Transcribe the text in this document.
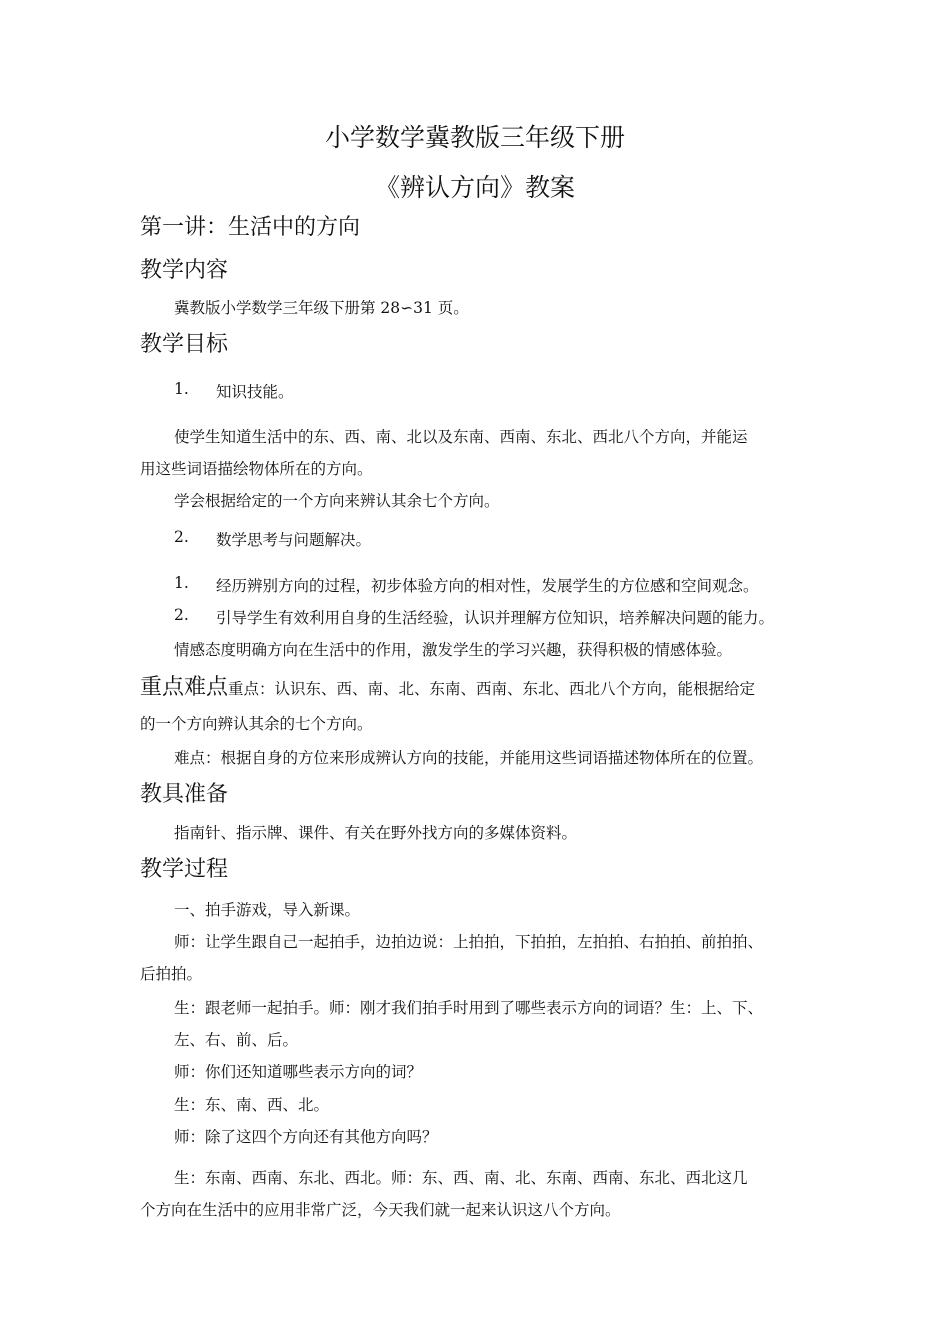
小学数学冀教版三年级下册
《辨认方向》教案
第一讲：生活中的方向
教学内容
冀教版小学数学三年级下册第 28∽31 页。
教学目标
1. 知识技能。
使学生知道生活中的东、西、南、北以及东南、西南、东北、西北八个方向，并能运
用这些词语描绘物体所在的方向。
学会根据给定的一个方向来辨认其余七个方向。
2. 数学思考与问题解决。
1. 经历辨别方向的过程，初步体验方向的相对性，发展学生的方位感和空间观念。
2. 引导学生有效利用自身的生活经验，认识并理解方位知识，培养解决问题的能力。
情感态度明确方向在生活中的作用，激发学生的学习兴趣，获得积极的情感体验。
重点难点重点：认识东、西、南、北、东南、西南、东北、西北八个方向，能根据给定
的一个方向辨认其余的七个方向。
难点：根据自身的方位来形成辨认方向的技能，并能用这些词语描述物体所在的位置。
教具准备
指南针、指示牌、课件、有关在野外找方向的多媒体资料。
教学过程
一、拍手游戏，导入新课。
师：让学生跟自己一起拍手，边拍边说：上拍拍，下拍拍，左拍拍、右拍拍、前拍拍、
后拍拍。
生：跟老师一起拍手。师：刚才我们拍手时用到了哪些表示方向的词语？生：上、下、
左、右、前、后。
师：你们还知道哪些表示方向的词？
生：东、南、西、北。
师：除了这四个方向还有其他方向吗？
生：东南、西南、东北、西北。师：东、西、南、北、东南、西南、东北、西北这几
个方向在生活中的应用非常广泛，今天我们就一起来认识这八个方向。
